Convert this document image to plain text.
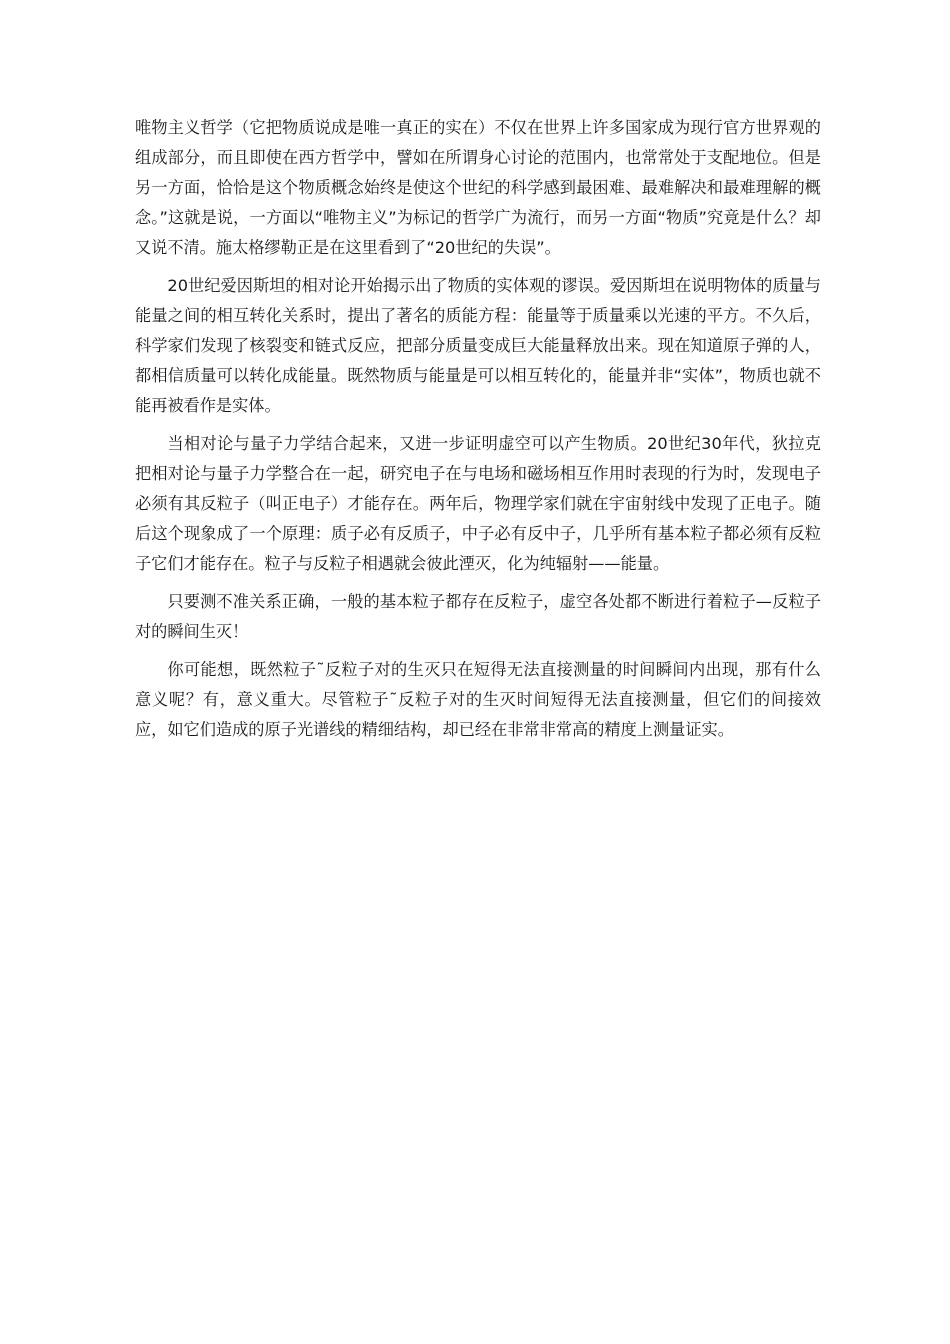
唯物主义哲学（它把物质说成是唯一真正的实在）不仅在世界上许多国家成为现行官方世界观的组成部分，而且即使在西方哲学中，譬如在所谓身心讨论的范围内，也常常处于支配地位。但是另一方面，恰恰是这个物质概念始终是使这个世纪的科学感到最困难、最难解决和最难理解的概念。”这就是说，一方面以“唯物主义”为标记的哲学广为流行，而另一方面“物质”究竟是什么？却又说不清。施太格缪勒正是在这里看到了“20世纪的失误”。

20世纪爱因斯坦的相对论开始揭示出了物质的实体观的谬误。爱因斯坦在说明物体的质量与能量之间的相互转化关系时，提出了著名的质能方程：能量等于质量乘以光速的平方。不久后，科学家们发现了核裂变和链式反应，把部分质量变成巨大能量释放出来。现在知道原子弹的人，都相信质量可以转化成能量。既然物质与能量是可以相互转化的，能量并非“实体”，物质也就不能再被看作是实体。

当相对论与量子力学结合起来，又进一步证明虚空可以产生物质。20世纪30年代，狄拉克把相对论与量子力学整合在一起，研究电子在与电场和磁场相互作用时表现的行为时，发现电子必须有其反粒子（叫正电子）才能存在。两年后，物理学家们就在宇宙射线中发现了正电子。随后这个现象成了一个原理：质子必有反质子，中子必有反中子，几乎所有基本粒子都必须有反粒子它们才能存在。粒子与反粒子相遇就会彼此湮灭，化为纯辐射——能量。

只要测不准关系正确，一般的基本粒子都存在反粒子，虚空各处都不断进行着粒子—反粒子对的瞬间生灭！

你可能想，既然粒子˜反粒子对的生灭只在短得无法直接测量的时间瞬间内出现，那有什么意义呢？有，意义重大。尽管粒子˜反粒子对的生灭时间短得无法直接测量，但它们的间接效应，如它们造成的原子光谱线的精细结构，却已经在非常非常高的精度上测量证实。
